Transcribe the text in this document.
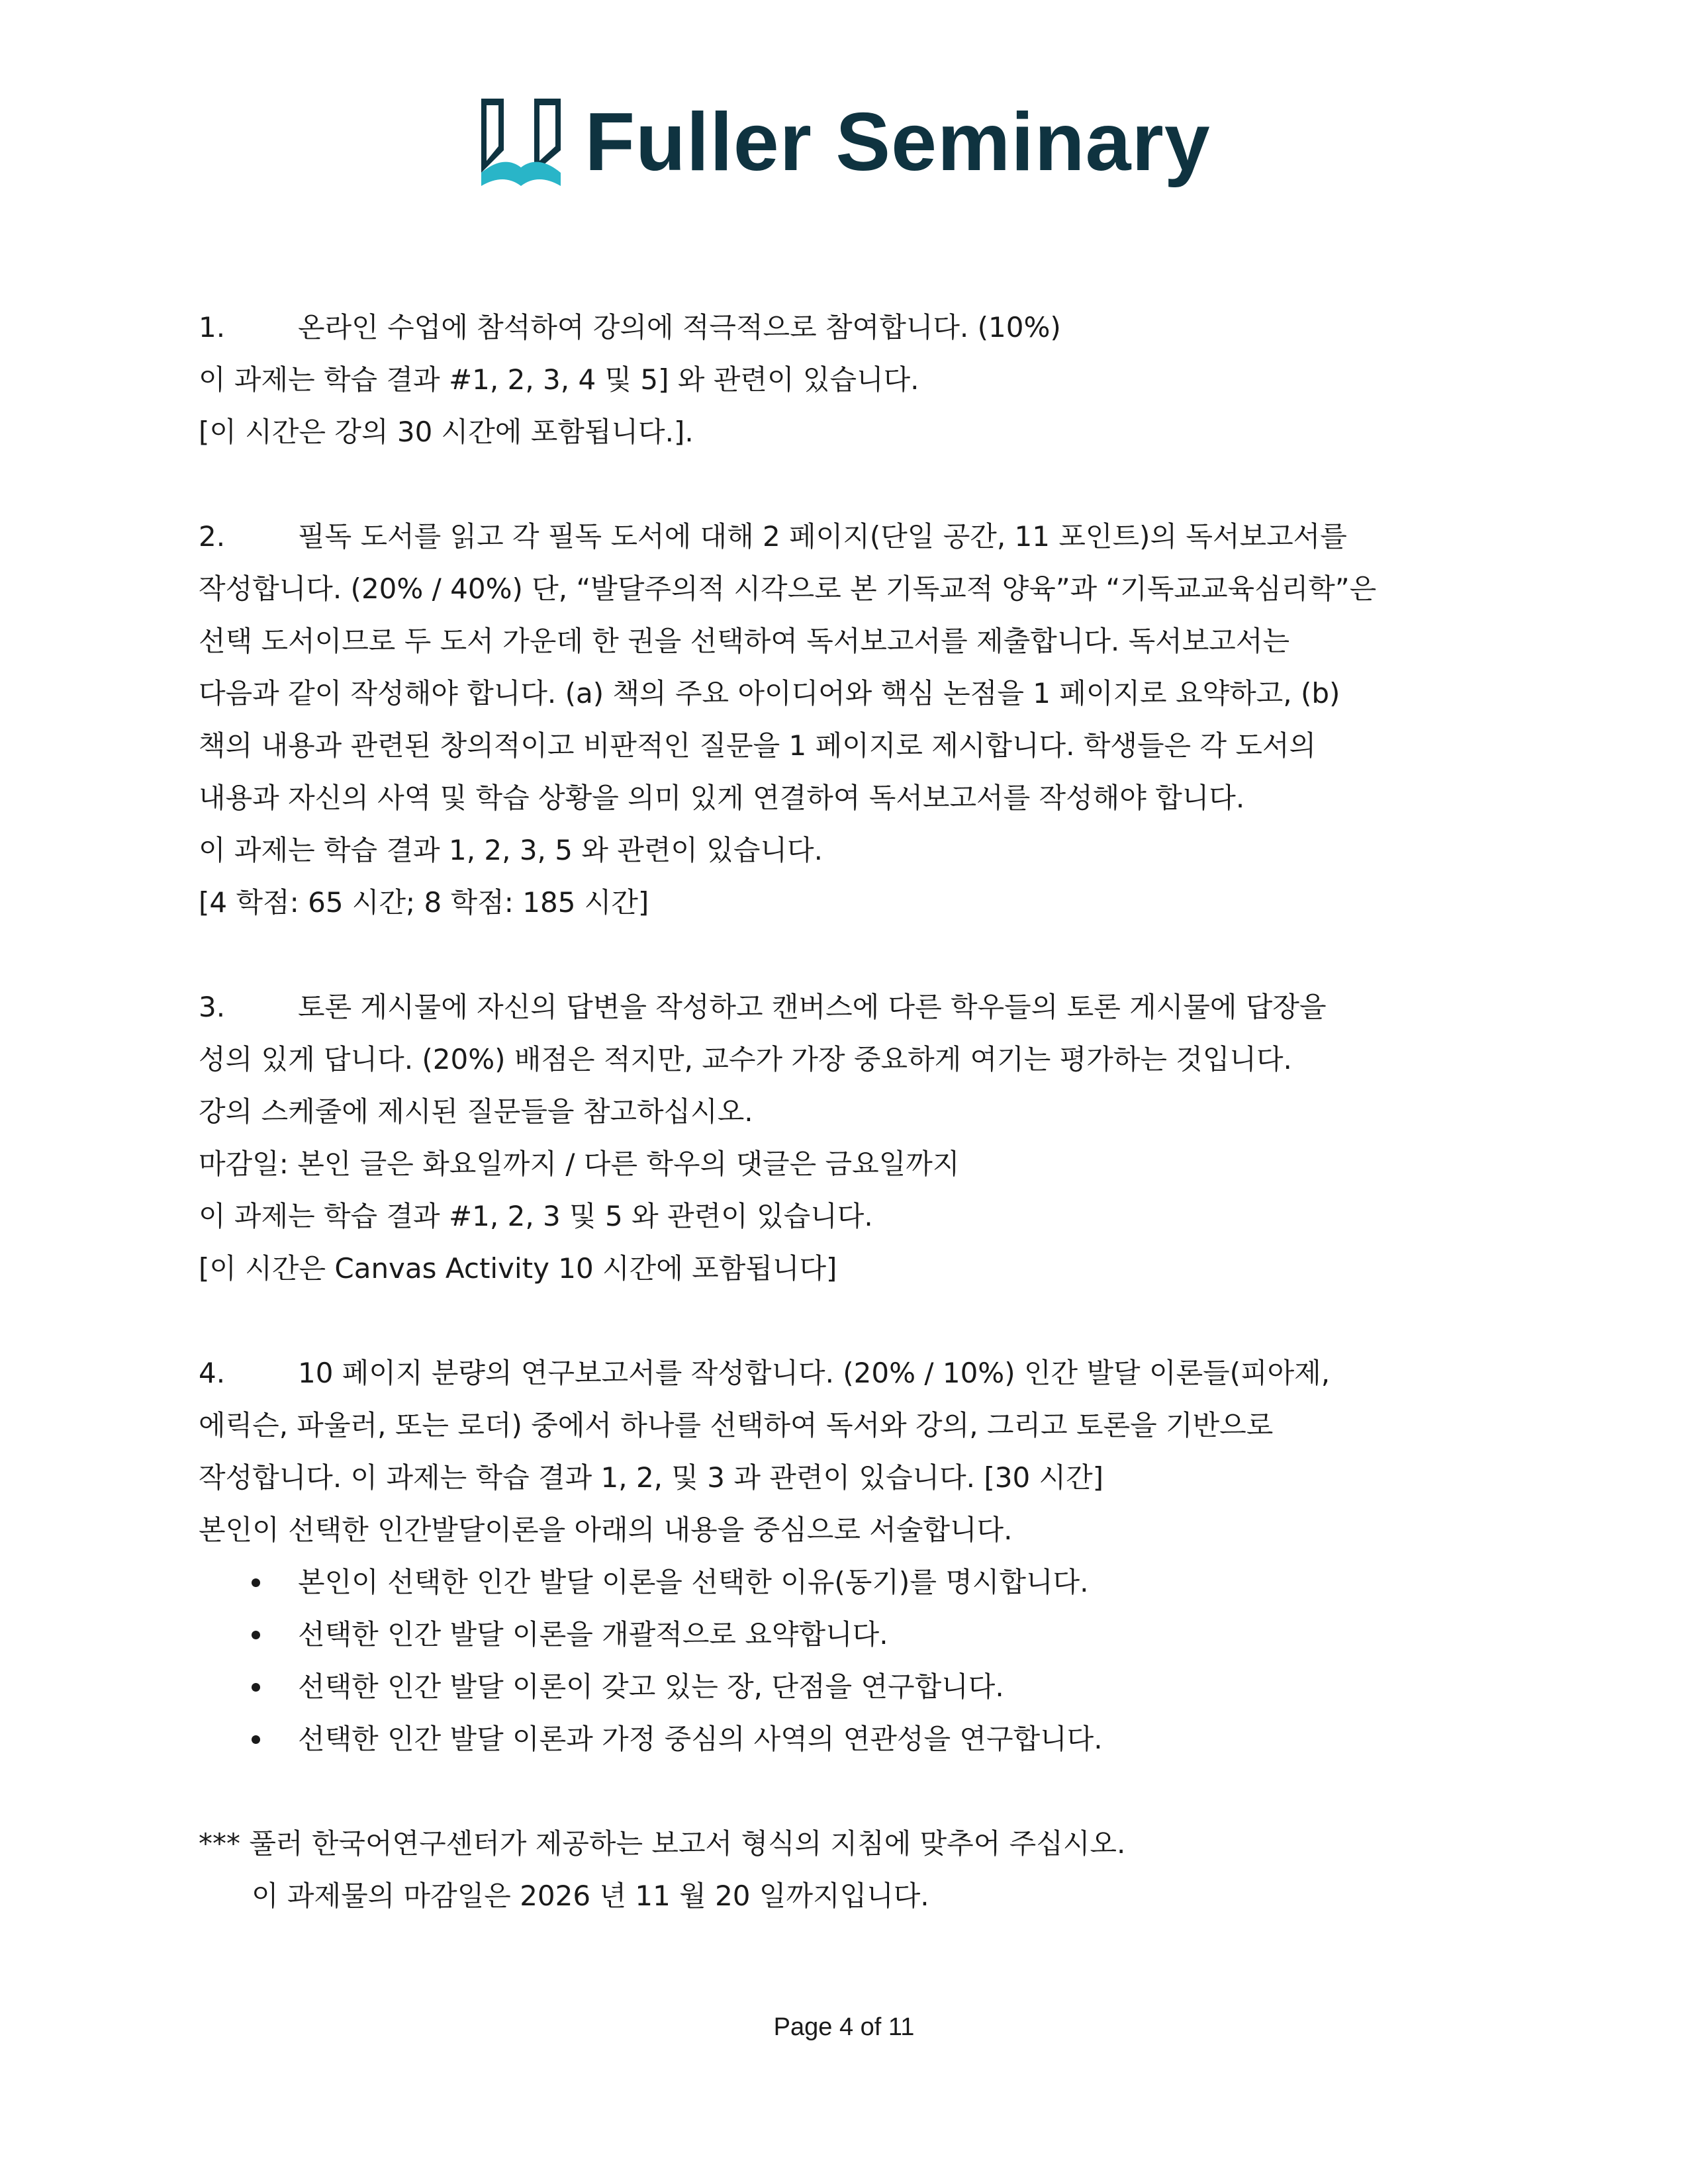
Fuller Seminary
1.	온라인 수업에 참석하여 강의에 적극적으로 참여합니다. (10%)
이 과제는 학습 결과 #1, 2, 3, 4 및 5] 와 관련이 있습니다.
[이 시간은 강의 30 시간에 포함됩니다.].
2.	필독 도서를 읽고 각 필독 도서에 대해 2 페이지(단일 공간, 11 포인트)의 독서보고서를
작성합니다. (20% / 40%) 단, “발달주의적 시각으로 본 기독교적 양육”과 “기독교교육심리학”은
선택 도서이므로 두 도서 가운데 한 권을 선택하여 독서보고서를 제출합니다. 독서보고서는
다음과 같이 작성해야 합니다. (a) 책의 주요 아이디어와 핵심 논점을 1 페이지로 요약하고, (b)
책의 내용과 관련된 창의적이고 비판적인 질문을 1 페이지로 제시합니다. 학생들은 각 도서의
내용과 자신의 사역 및 학습 상황을 의미 있게 연결하여 독서보고서를 작성해야 합니다.
이 과제는 학습 결과 1, 2, 3, 5 와 관련이 있습니다.
[4 학점: 65 시간; 8 학점: 185 시간]
3.	토론 게시물에 자신의 답변을 작성하고 캔버스에 다른 학우들의 토론 게시물에 답장을
성의 있게 답니다. (20%) 배점은 적지만, 교수가 가장 중요하게 여기는 평가하는 것입니다.
강의 스케줄에 제시된 질문들을 참고하십시오.
마감일: 본인 글은 화요일까지 / 다른 학우의 댓글은 금요일까지
이 과제는 학습 결과 #1, 2, 3 및 5 와 관련이 있습니다.
[이 시간은 Canvas Activity 10 시간에 포함됩니다]
4.	10 페이지 분량의 연구보고서를 작성합니다. (20% / 10%) 인간 발달 이론들(피아제,
에릭슨, 파울러, 또는 로더) 중에서 하나를 선택하여 독서와 강의, 그리고 토론을 기반으로
작성합니다. 이 과제는 학습 결과 1, 2, 및 3 과 관련이 있습니다. [30 시간]
본인이 선택한 인간발달이론을 아래의 내용을 중심으로 서술합니다.
본인이 선택한 인간 발달 이론을 선택한 이유(동기)를 명시합니다.
선택한 인간 발달 이론을 개괄적으로 요약합니다.
선택한 인간 발달 이론이 갖고 있는 장, 단점을 연구합니다.
선택한 인간 발달 이론과 가정 중심의 사역의 연관성을 연구합니다.
*** 풀러 한국어연구센터가 제공하는 보고서 형식의 지침에 맞추어 주십시오.
이 과제물의 마감일은 2026 년 11 월 20 일까지입니다.
Page 4 of 11
